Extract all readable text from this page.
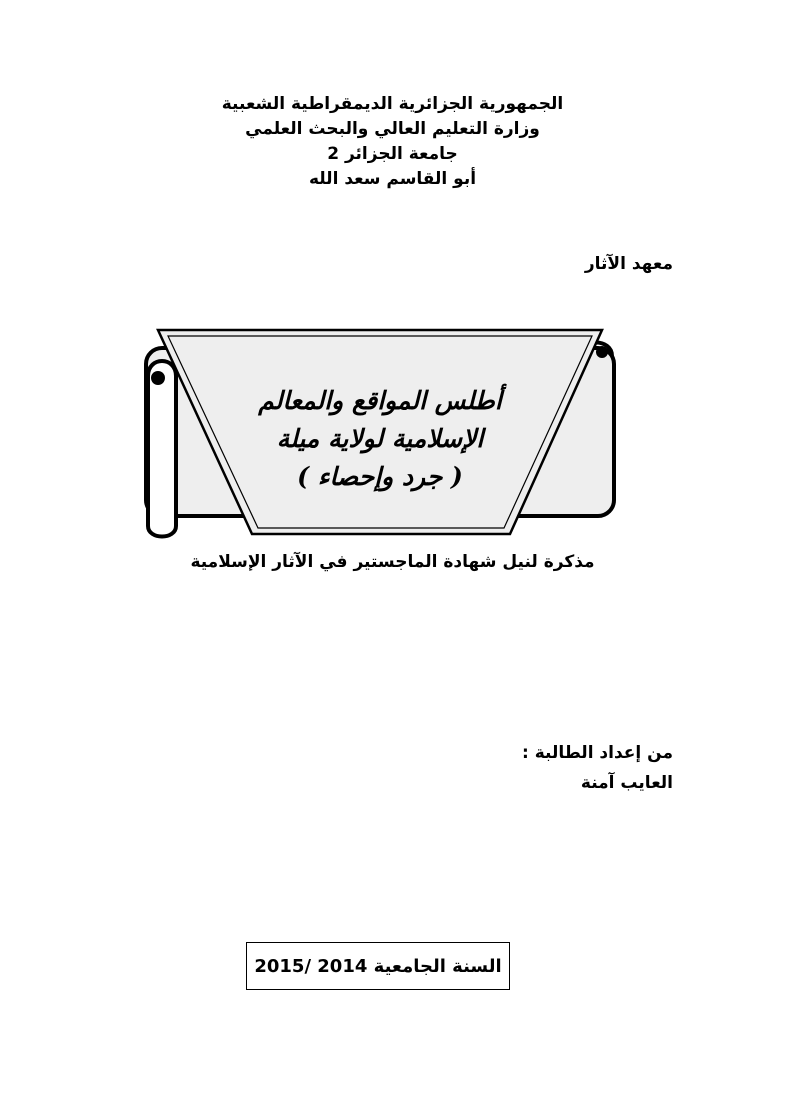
الجمهورية الجزائرية الديمقراطية الشعبية
وزارة التعليم العالي والبحث العلمي
جامعة الجزائر 2
أبو القاسم سعد الله
معهد الآثار
أطلس المواقع والمعالم
الإسلامية لولاية ميلة
( جرد وإحصاء )
مذكرة لنيل شهادة الماجستير في الآثار الإسلامية
من إعداد الطالبة :
العايب آمنة
السنة الجامعية 2014 /2015
